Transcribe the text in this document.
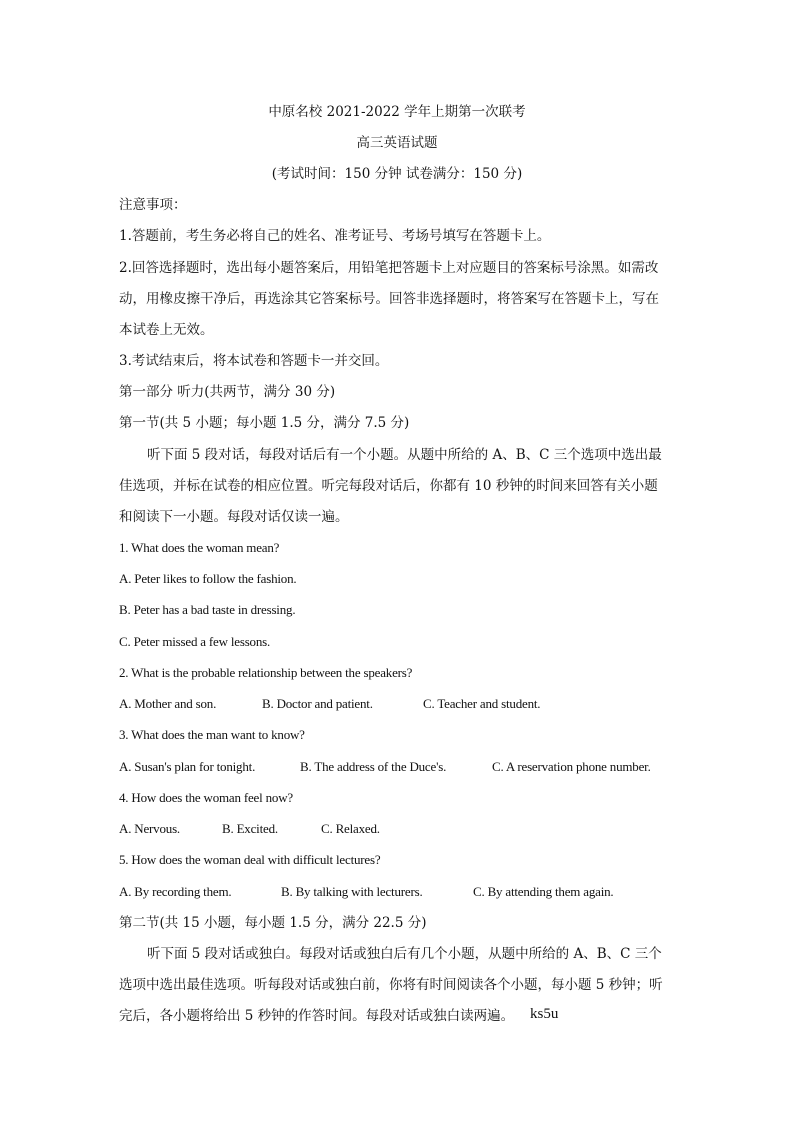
中原名校 2021-2022 学年上期第一次联考
高三英语试题
(考试时间：150 分钟 试卷满分：150 分)
注意事项：
1.答题前，考生务必将自己的姓名、准考证号、考场号填写在答题卡上。
2.回答选择题时，选出每小题答案后，用铅笔把答题卡上对应题目的答案标号涂黑。如需改
动，用橡皮擦干净后，再选涂其它答案标号。回答非选择题时，将答案写在答题卡上，写在
本试卷上无效。
3.考试结束后，将本试卷和答题卡一并交回。
第一部分 听力(共两节，满分 30 分)
第一节(共 5 小题；每小题 1.5 分，满分 7.5 分)
听下面 5 段对话，每段对话后有一个小题。从题中所给的 A、B、C 三个选项中选出最
佳选项，并标在试卷的相应位置。听完每段对话后，你都有 10 秒钟的时间来回答有关小题
和阅读下一小题。每段对话仅读一遍。
1. What does the woman mean?
A. Peter likes to follow the fashion.
B. Peter has a bad taste in dressing.
C. Peter missed a few lessons.
2. What is the probable relationship between the speakers?
A. Mother and son.	B. Doctor and patient.	C. Teacher and student.
3. What does the man want to know?
A. Susan's plan for tonight.	B. The address of the Duce's.	C. A reservation phone number.
4. How does the woman feel now?
A. Nervous.	B. Excited.	C. Relaxed.
5. How does the woman deal with difficult lectures?
A. By recording them.	B. By talking with lecturers.	C. By attending them again.
第二节(共 15 小题，每小题 1.5 分，满分 22.5 分)
听下面 5 段对话或独白。每段对话或独白后有几个小题，从题中所给的 A、B、C 三个
选项中选出最佳选项。听每段对话或独白前，你将有时间阅读各个小题，每小题 5 秒钟；听
完后，各小题将给出 5 秒钟的作答时间。每段对话或独白读两遍。 ks5u
